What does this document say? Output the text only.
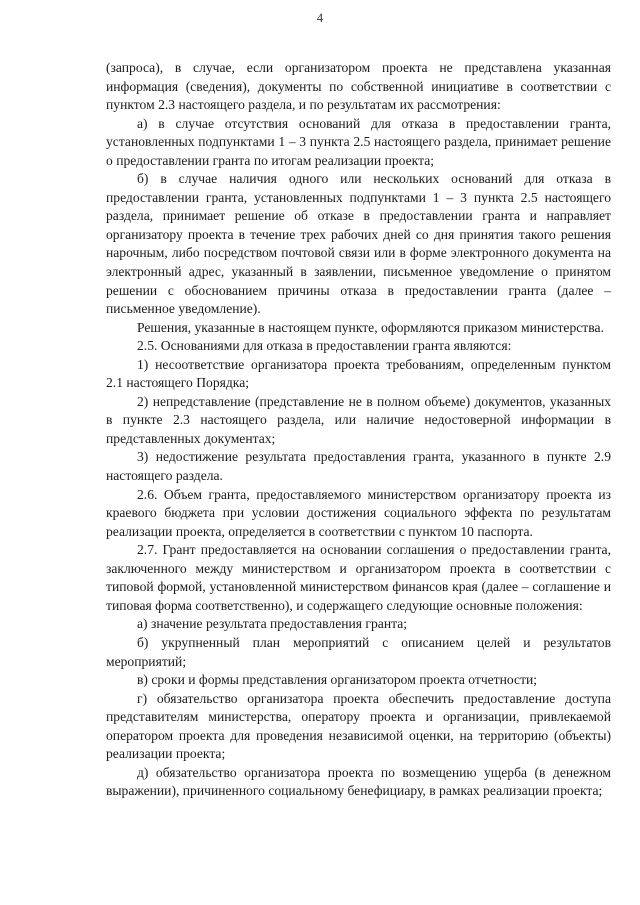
4

(запроса), в случае, если организатором проекта не представлена указанная информация (сведения), документы по собственной инициативе в соответствии с пунктом 2.3 настоящего раздела, и по результатам их рассмотрения:

а) в случае отсутствия оснований для отказа в предоставлении гранта, установленных подпунктами 1 – 3 пункта 2.5 настоящего раздела, принимает решение о предоставлении гранта по итогам реализации проекта;

б) в случае наличия одного или нескольких оснований для отказа в предоставлении гранта, установленных подпунктами 1 – 3 пункта 2.5 настоящего раздела, принимает решение об отказе в предоставлении гранта и направляет организатору проекта в течение трех рабочих дней со дня принятия такого решения нарочным, либо посредством почтовой связи или в форме электронного документа на электронный адрес, указанный в заявлении, письменное уведомление о принятом решении с обоснованием причины отказа в предоставлении гранта (далее – письменное уведомление).

Решения, указанные в настоящем пункте, оформляются приказом министерства.

2.5. Основаниями для отказа в предоставлении гранта являются:

1) несоответствие организатора проекта требованиям, определенным пунктом 2.1 настоящего Порядка;

2) непредставление (представление не в полном объеме) документов, указанных в пункте 2.3 настоящего раздела, или наличие недостоверной информации в представленных документах;

3) недостижение результата предоставления гранта, указанного в пункте 2.9 настоящего раздела.

2.6. Объем гранта, предоставляемого министерством организатору проекта из краевого бюджета при условии достижения социального эффекта по результатам реализации проекта, определяется в соответствии с пунктом 10 паспорта.

2.7. Грант предоставляется на основании соглашения о предоставлении гранта, заключенного между министерством и организатором проекта в соответствии с типовой формой, установленной министерством финансов края (далее – соглашение и типовая форма соответственно), и содержащего следующие основные положения:

а) значение результата предоставления гранта;

б) укрупненный план мероприятий с описанием целей и результатов мероприятий;

в) сроки и формы представления организатором проекта отчетности;

г) обязательство организатора проекта обеспечить предоставление доступа представителям министерства, оператору проекта и организации, привлекаемой оператором проекта для проведения независимой оценки, на территорию (объекты) реализации проекта;

д) обязательство организатора проекта по возмещению ущерба (в денежном выражении), причиненного социальному бенефициару, в рамках реализации проекта;
